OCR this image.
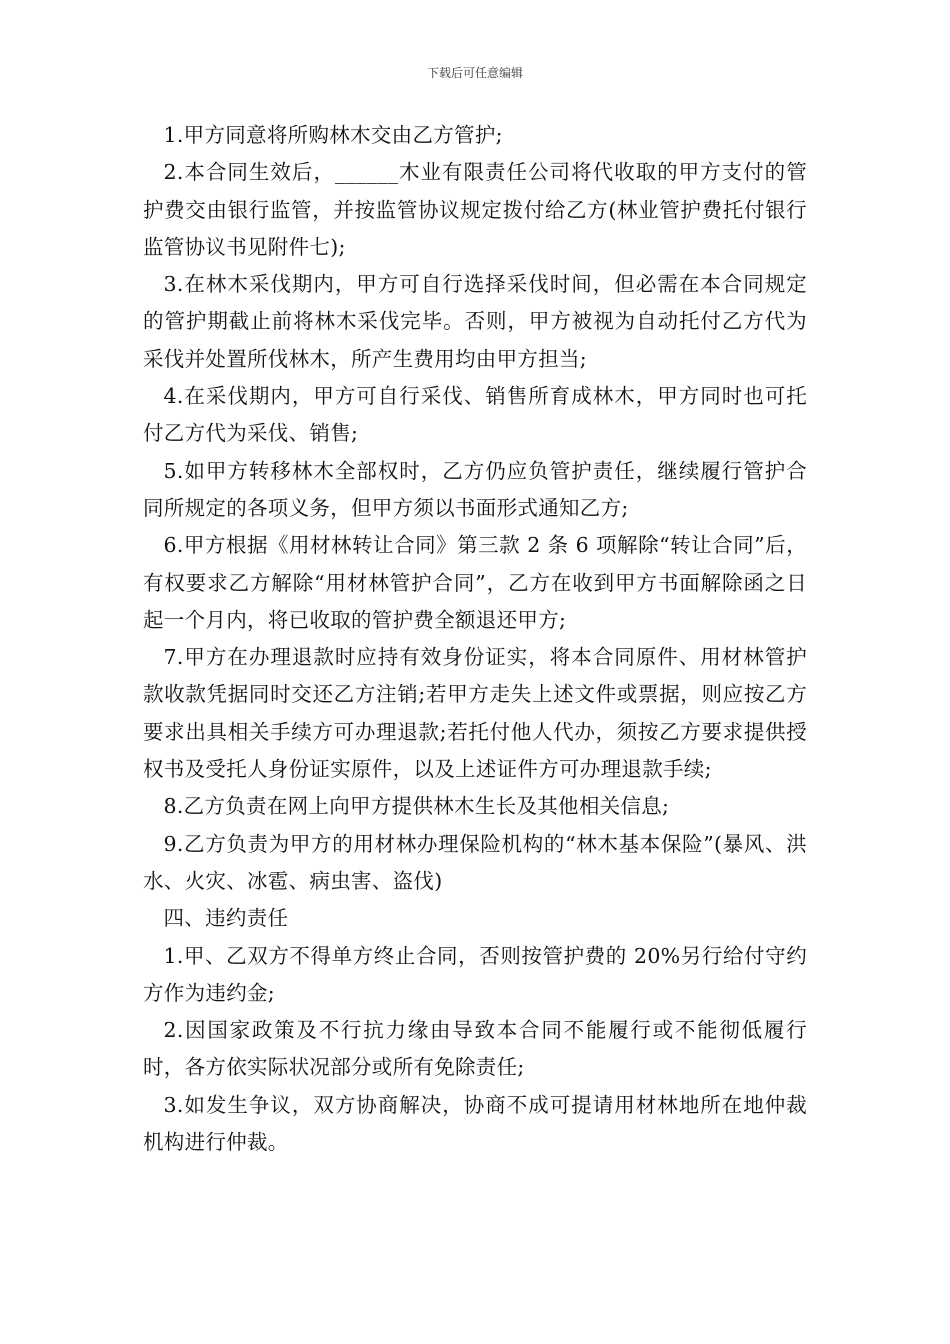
下载后可任意编辑

1.甲方同意将所购林木交由乙方管护;

2.本合同生效后，______木业有限责任公司将代收取的甲方支付的管护费交由银行监管，并按监管协议规定拨付给乙方(林业管护费托付银行监管协议书见附件七);

3.在林木采伐期内，甲方可自行选择采伐时间，但必需在本合同规定的管护期截止前将林木采伐完毕。否则，甲方被视为自动托付乙方代为采伐并处置所伐林木，所产生费用均由甲方担当;

4.在采伐期内，甲方可自行采伐、销售所育成林木，甲方同时也可托付乙方代为采伐、销售;

5.如甲方转移林木全部权时，乙方仍应负管护责任，继续履行管护合同所规定的各项义务，但甲方须以书面形式通知乙方;

6.甲方根据《用材林转让合同》第三款 2 条 6 项解除“转让合同”后，有权要求乙方解除“用材林管护合同”，乙方在收到甲方书面解除函之日起一个月内，将已收取的管护费全额退还甲方;

7.甲方在办理退款时应持有效身份证实，将本合同原件、用材林管护款收款凭据同时交还乙方注销;若甲方走失上述文件或票据，则应按乙方要求出具相关手续方可办理退款;若托付他人代办，须按乙方要求提供授权书及受托人身份证实原件，以及上述证件方可办理退款手续;

8.乙方负责在网上向甲方提供林木生长及其他相关信息;

9.乙方负责为甲方的用材林办理保险机构的“林木基本保险”(暴风、洪水、火灾、冰雹、病虫害、盗伐)

四、违约责任

1.甲、乙双方不得单方终止合同，否则按管护费的 20%另行给付守约方作为违约金;

2.因国家政策及不行抗力缘由导致本合同不能履行或不能彻低履行时，各方依实际状况部分或所有免除责任;

3.如发生争议，双方协商解决，协商不成可提请用材林地所在地仲裁机构进行仲裁。
